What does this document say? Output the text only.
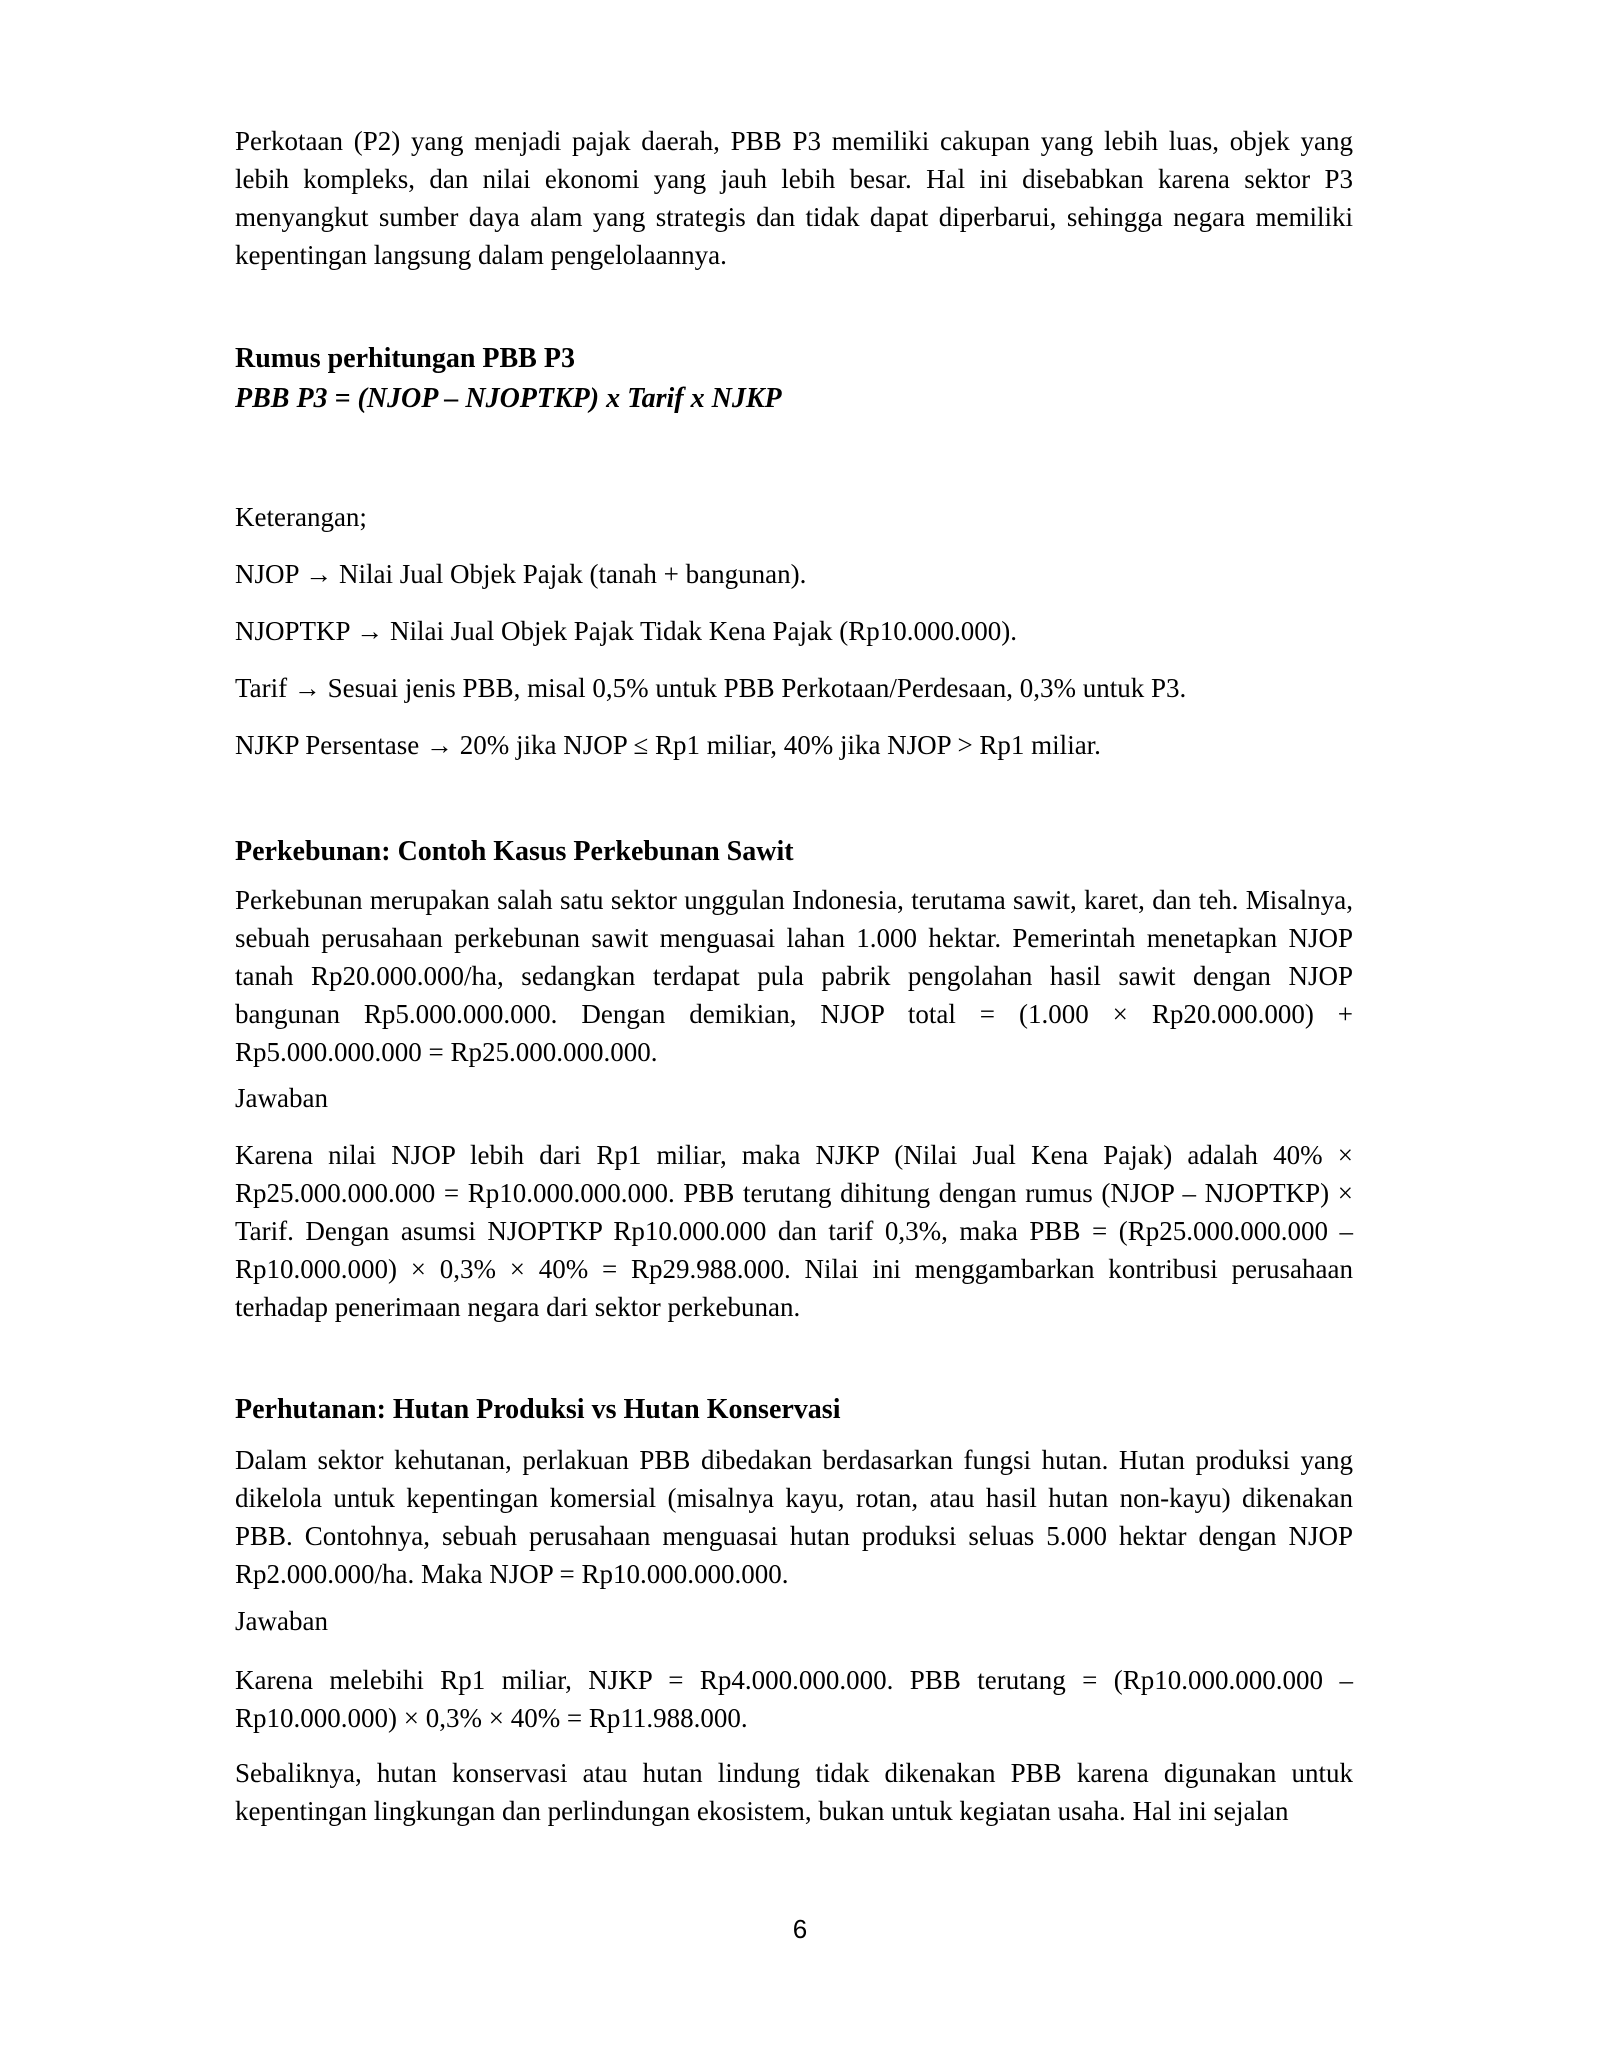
Perkotaan (P2) yang menjadi pajak daerah, PBB P3 memiliki cakupan yang lebih luas, objek yang lebih kompleks, dan nilai ekonomi yang jauh lebih besar. Hal ini disebabkan karena sektor P3 menyangkut sumber daya alam yang strategis dan tidak dapat diperbarui, sehingga negara memiliki kepentingan langsung dalam pengelolaannya.

Rumus perhitungan PBB P3

PBB P3 = (NJOP – NJOPTKP) x Tarif x NJKP

Keterangan;

NJOP → Nilai Jual Objek Pajak (tanah + bangunan).

NJOPTKP → Nilai Jual Objek Pajak Tidak Kena Pajak (Rp10.000.000).

Tarif → Sesuai jenis PBB, misal 0,5% untuk PBB Perkotaan/Perdesaan, 0,3% untuk P3.

NJKP Persentase → 20% jika NJOP ≤ Rp1 miliar, 40% jika NJOP > Rp1 miliar.

Perkebunan: Contoh Kasus Perkebunan Sawit

Perkebunan merupakan salah satu sektor unggulan Indonesia, terutama sawit, karet, dan teh. Misalnya, sebuah perusahaan perkebunan sawit menguasai lahan 1.000 hektar. Pemerintah menetapkan NJOP tanah Rp20.000.000/ha, sedangkan terdapat pula pabrik pengolahan hasil sawit dengan NJOP bangunan Rp5.000.000.000. Dengan demikian, NJOP total = (1.000 × Rp20.000.000) + Rp5.000.000.000 = Rp25.000.000.000.

Jawaban

Karena nilai NJOP lebih dari Rp1 miliar, maka NJKP (Nilai Jual Kena Pajak) adalah 40% × Rp25.000.000.000 = Rp10.000.000.000. PBB terutang dihitung dengan rumus (NJOP – NJOPTKP) × Tarif. Dengan asumsi NJOPTKP Rp10.000.000 dan tarif 0,3%, maka PBB = (Rp25.000.000.000 – Rp10.000.000) × 0,3% × 40% = Rp29.988.000. Nilai ini menggambarkan kontribusi perusahaan terhadap penerimaan negara dari sektor perkebunan.

Perhutanan: Hutan Produksi vs Hutan Konservasi

Dalam sektor kehutanan, perlakuan PBB dibedakan berdasarkan fungsi hutan. Hutan produksi yang dikelola untuk kepentingan komersial (misalnya kayu, rotan, atau hasil hutan non-kayu) dikenakan PBB. Contohnya, sebuah perusahaan menguasai hutan produksi seluas 5.000 hektar dengan NJOP Rp2.000.000/ha. Maka NJOP = Rp10.000.000.000.

Jawaban

Karena melebihi Rp1 miliar, NJKP = Rp4.000.000.000. PBB terutang = (Rp10.000.000.000 – Rp10.000.000) × 0,3% × 40% = Rp11.988.000.

Sebaliknya, hutan konservasi atau hutan lindung tidak dikenakan PBB karena digunakan untuk kepentingan lingkungan dan perlindungan ekosistem, bukan untuk kegiatan usaha. Hal ini sejalan

6
